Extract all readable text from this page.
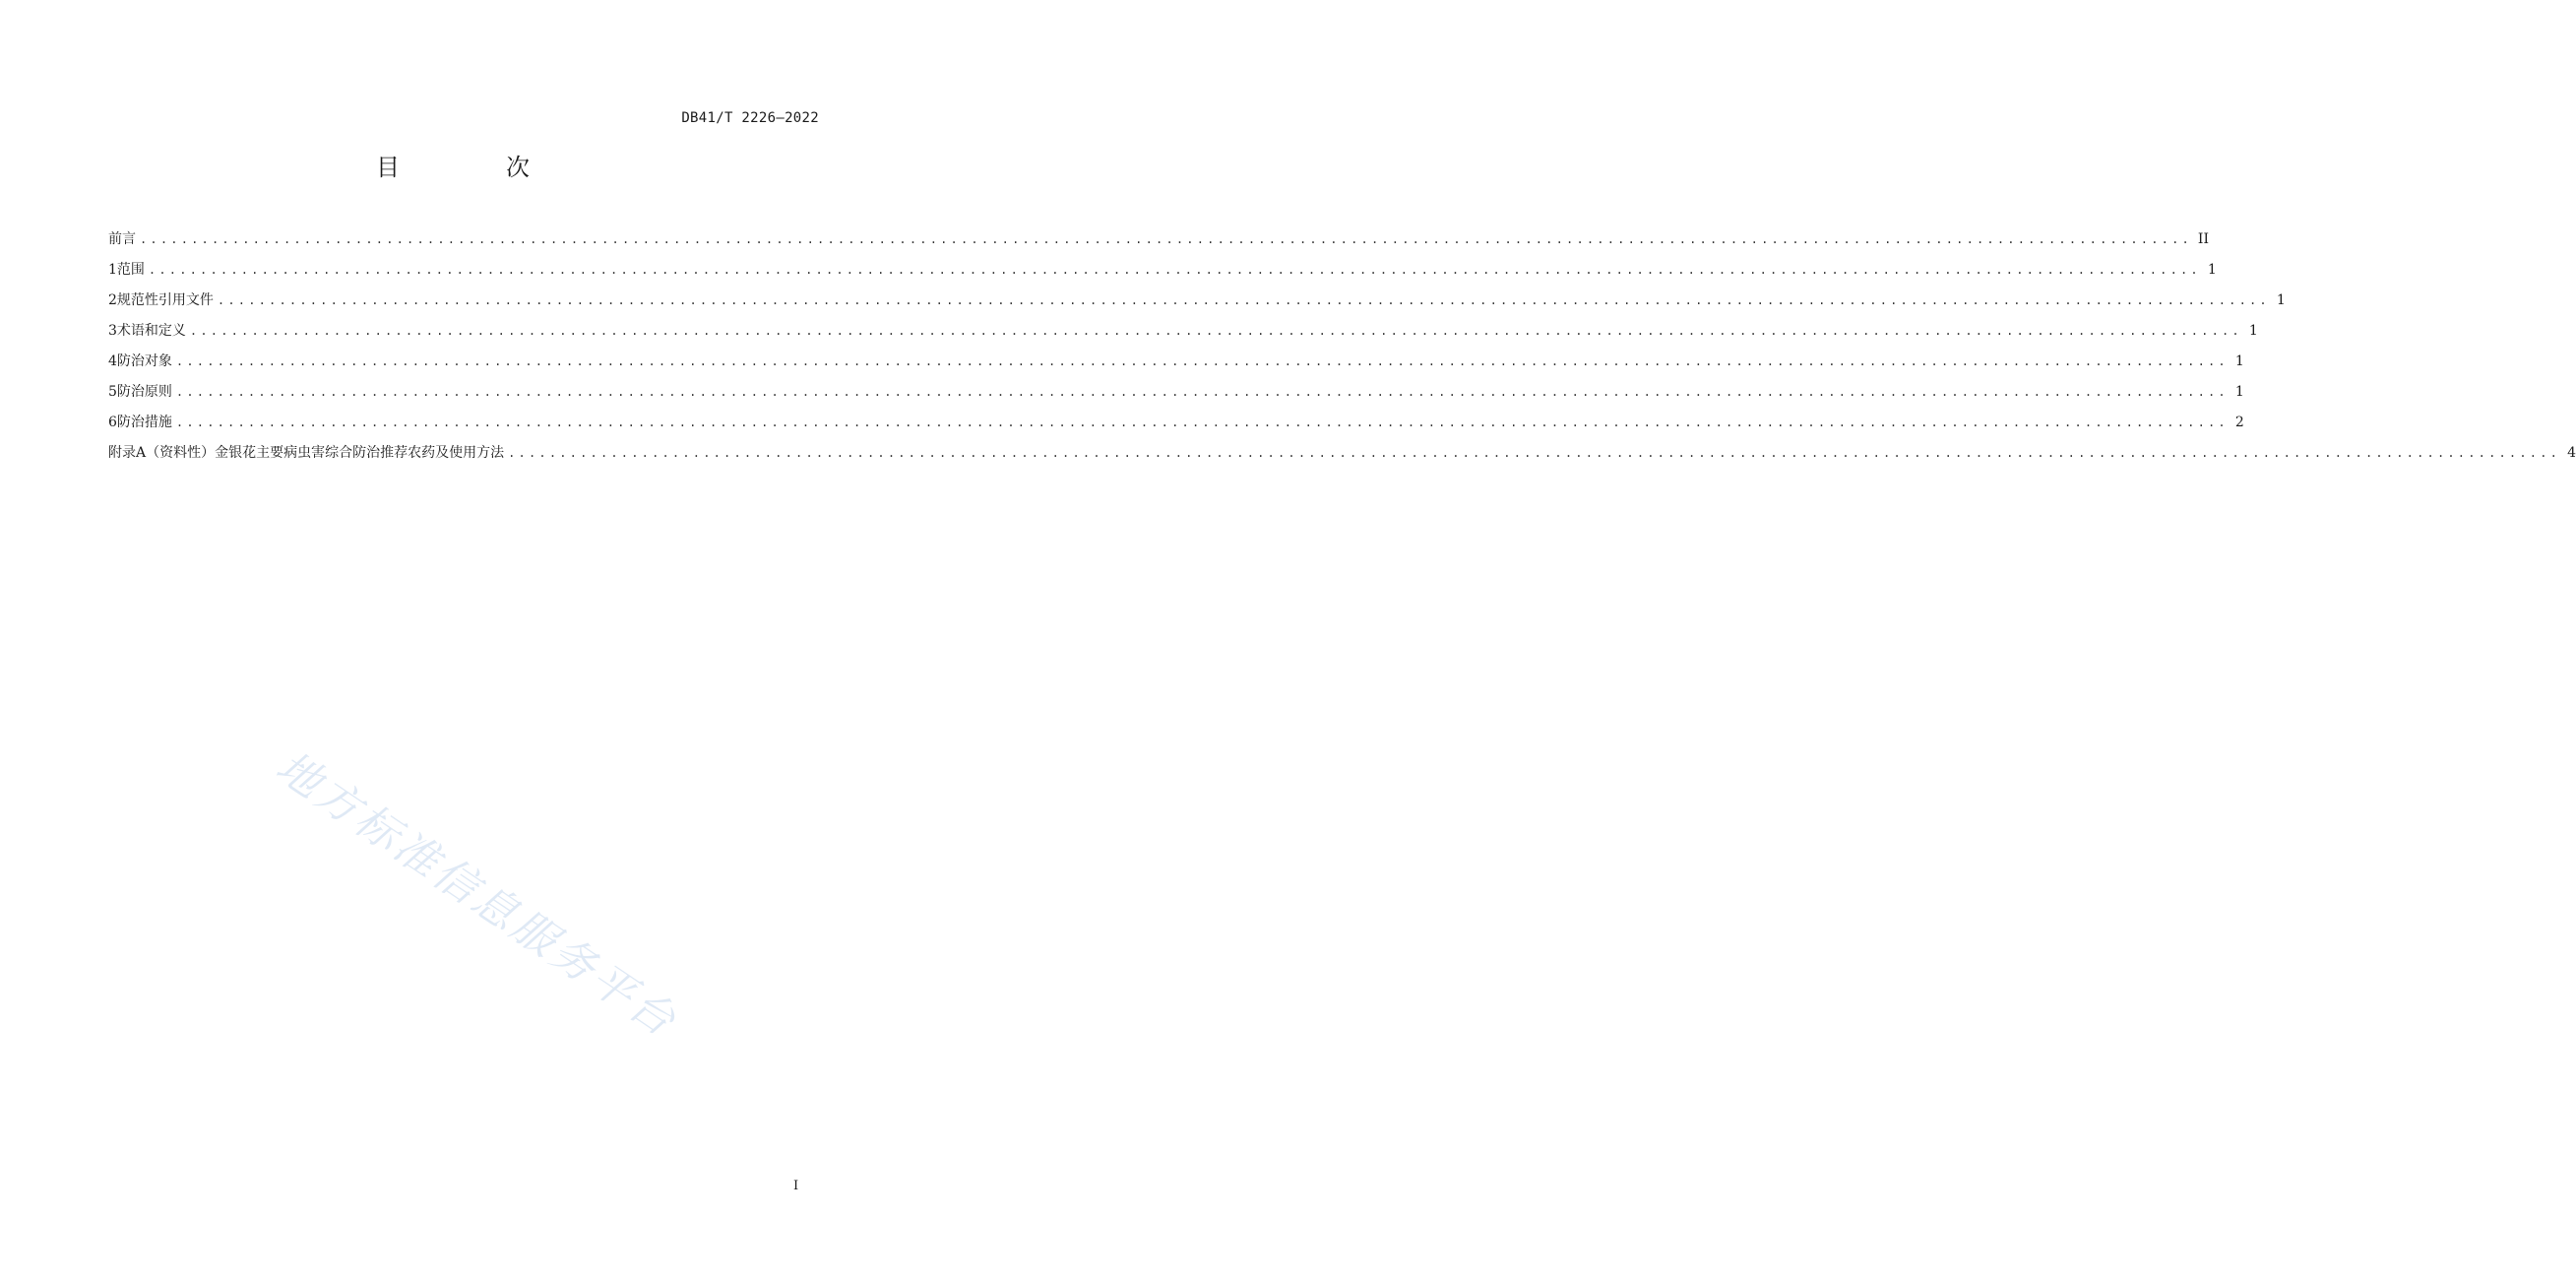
DB41/T 2226—2022
目　次
前言 ........................................................................................................................................................................................................ II
1 范围 ........................................................................................................................................................................................................ 1
2 规范性引用文件 ........................................................................................................................................................................................................ 1
3 术语和定义 ........................................................................................................................................................................................................ 1
4 防治对象 ........................................................................................................................................................................................................ 1
5 防治原则 ........................................................................................................................................................................................................ 1
6 防治措施 ........................................................................................................................................................................................................ 2
附录A（资料性） 金银花主要病虫害综合防治推荐农药及使用方法 ........................................................................................................................................................................................................ 4
地方标准信息服务平台
I
